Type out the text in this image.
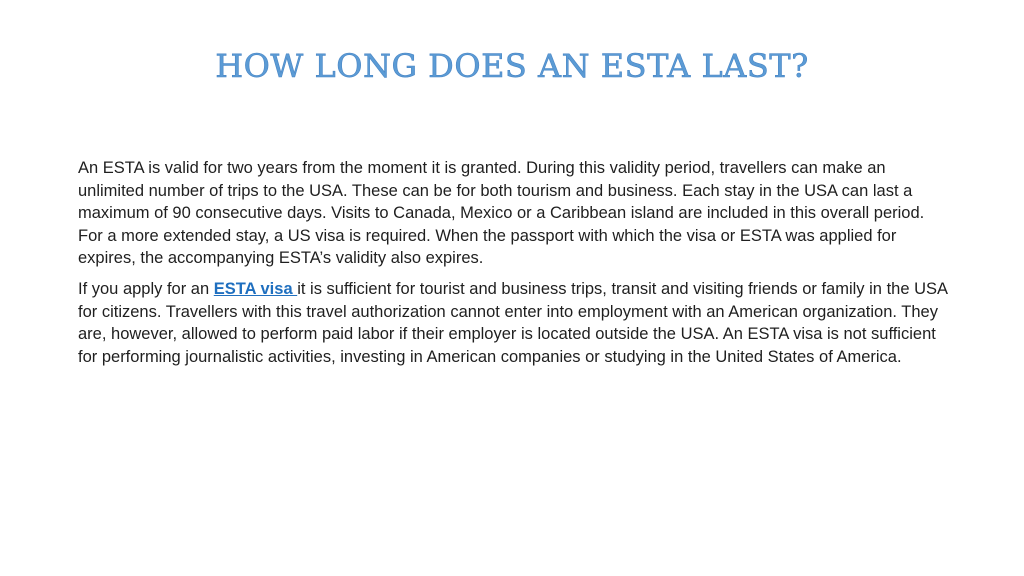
HOW LONG DOES AN ESTA LAST?

An ESTA is valid for two years from the moment it is granted. During this validity period, travellers can make an unlimited number of trips to the USA. These can be for both tourism and business. Each stay in the USA can last a maximum of 90 consecutive days. Visits to Canada, Mexico or a Caribbean island are included in this overall period. For a more extended stay, a US visa is required. When the passport with which the visa or ESTA was applied for expires, the accompanying ESTA’s validity also expires.

If you apply for an ESTA visa it is sufficient for tourist and business trips, transit and visiting friends or family in the USA for citizens. Travellers with this travel authorization cannot enter into employment with an American organization. They are, however, allowed to perform paid labor if their employer is located outside the USA. An ESTA visa is not sufficient for performing journalistic activities, investing in American companies or studying in the United States of America.
